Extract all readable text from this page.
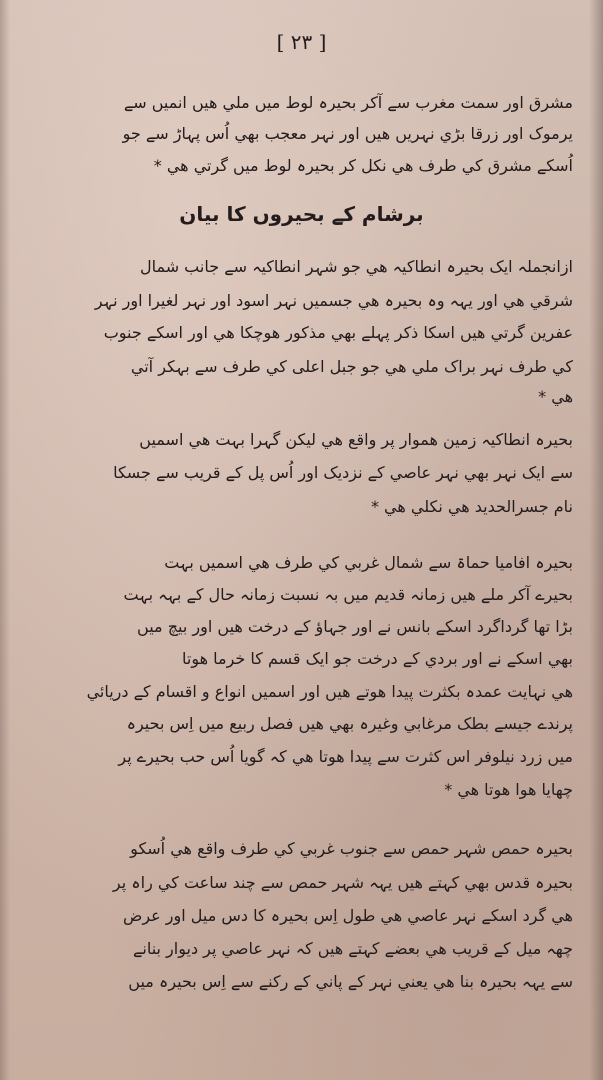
[ ٢٣ ]
مشرق اور سمت مغرب سے آکر بحیرہ لوط میں ملي هیں انمیں سے
یرموک اور زرقا بڑي نہریں هیں اور نہر معجب بھي اُس پہاڑ سے جو
اُسکے مشرق کي طرف هي نکل کر بحیرہ لوط میں گرتي هي *
برشام کے بحیروں کا بیان
ازانجملہ ایک بحیرہ انطاکیہ هي جو شہر انطاکیہ سے جانب شمال
شرقي هي اور یہہ وہ بحیرہ هي جسمیں نہر اسود اور نہر لغیرا اور نہر
عفرین گرتي هیں اسکا ذکر پہلے بھي مذکور هوچکا هي اور اسکے جنوب
کي طرف نہر براک ملي هي جو جبل اعلی کي طرف سے بہکر آتي
هي *
بحیرہ انطاکیہ زمین هموار پر واقع هي لیکن گہرا بہت هي اسمیں
سے ایک نہر بھي نہر عاصي کے نزدیک اور اُس پل کے قریب سے جسکا
نام جسرالحدید هي نکلي هي *
بحیرہ افامیا حماۃ سے شمال غربي کي طرف هي اسمیں بہت
بحیرے آکر ملے هیں زمانہ قدیم میں بہ نسبت زمانہ حال کے بہہ بہت
بڑا تھا گرداگرد اسکے بانس نے اور جہاؤ کے درخت هیں اور بیچ میں
بھي اسکے نے اور بردي کے درخت جو ایک قسم کا خرما هوتا
هي نہایت عمدہ بکثرت پیدا هوتے هیں اور اسمیں انواع و اقسام کے دریائي
پرندے جیسے بطک مرغابي وغیرہ بھي هیں فصل ربیع میں اِس بحیرہ
میں زرد نیلوفر اس کثرت سے پیدا هوتا هي کہ گویا اُس حب بحیرے پر
چھایا هوا هوتا هي *
بحیرہ حمص شہر حمص سے جنوب غربي کي طرف واقع هي اُسکو
بحیرہ قدس بھي کہتے هیں یہہ شہر حمص سے چند ساعت کي راہ پر
هي گرد اسکے نہر عاصي هي طول اِس بحیرہ کا دس میل اور عرض
چھہ میل کے قریب هي بعضے کہتے هیں کہ نہر عاصي پر دیوار بنانے
سے یہہ بحیرہ بنا هي یعني نہر کے پاني کے رکنے سے اِس بحیرہ میں
